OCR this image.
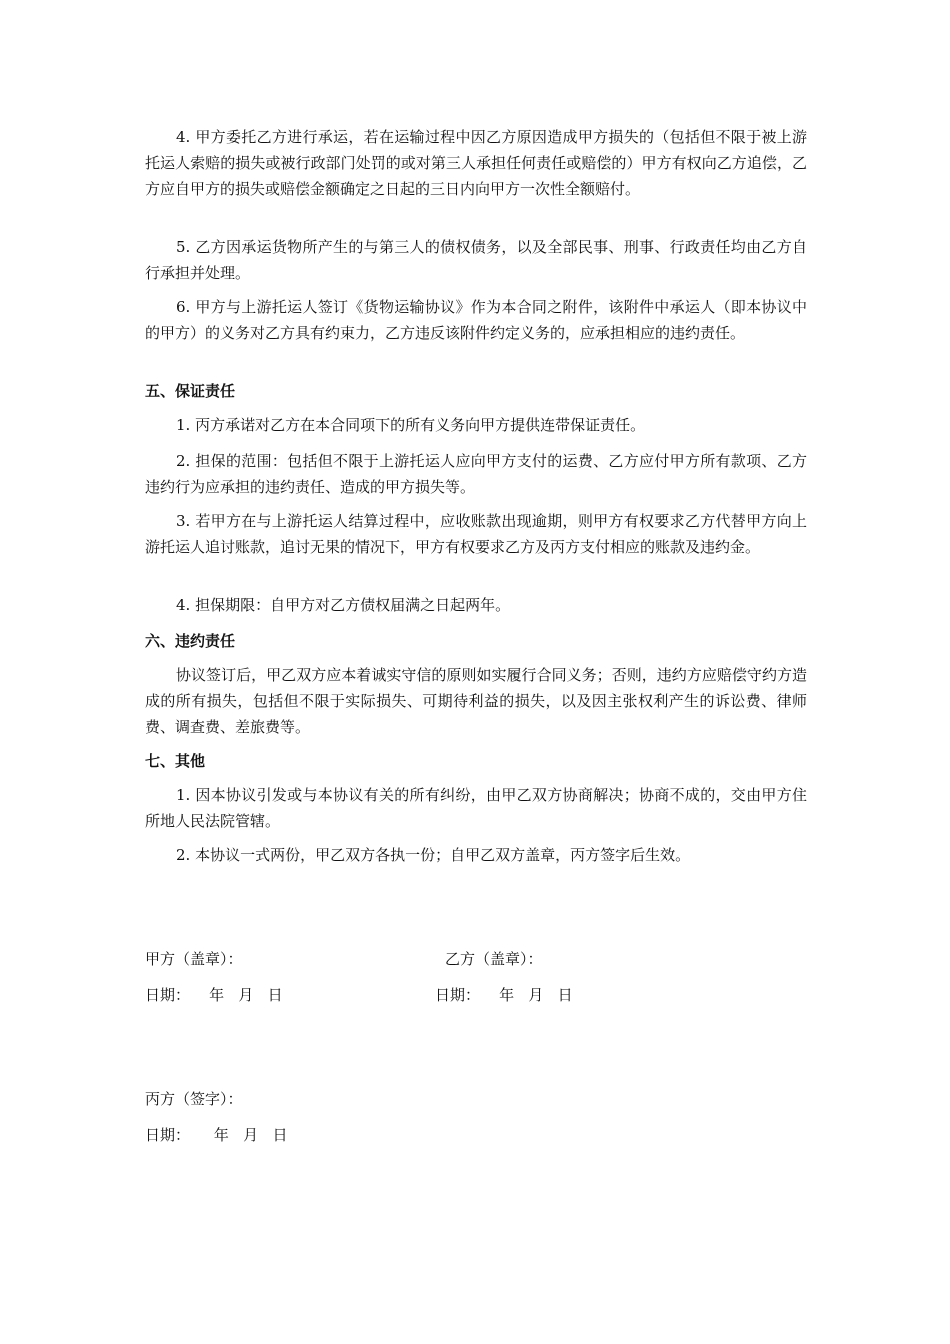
4. 甲方委托乙方进行承运，若在运输过程中因乙方原因造成甲方损失的（包括但不限于被上游托运人索赔的损失或被行政部门处罚的或对第三人承担任何责任或赔偿的）甲方有权向乙方追偿，乙方应自甲方的损失或赔偿金额确定之日起的三日内向甲方一次性全额赔付。

5. 乙方因承运货物所产生的与第三人的债权债务，以及全部民事、刑事、行政责任均由乙方自行承担并处理。

6. 甲方与上游托运人签订《货物运输协议》作为本合同之附件，该附件中承运人（即本协议中的甲方）的义务对乙方具有约束力，乙方违反该附件约定义务的，应承担相应的违约责任。

五、保证责任

1. 丙方承诺对乙方在本合同项下的所有义务向甲方提供连带保证责任。

2. 担保的范围：包括但不限于上游托运人应向甲方支付的运费、乙方应付甲方所有款项、乙方违约行为应承担的违约责任、造成的甲方损失等。

3. 若甲方在与上游托运人结算过程中，应收账款出现逾期，则甲方有权要求乙方代替甲方向上游托运人追讨账款，追讨无果的情况下，甲方有权要求乙方及丙方支付相应的账款及违约金。

4. 担保期限：自甲方对乙方债权届满之日起两年。

六、违约责任

协议签订后，甲乙双方应本着诚实守信的原则如实履行合同义务；否则，违约方应赔偿守约方造成的所有损失，包括但不限于实际损失、可期待利益的损失，以及因主张权利产生的诉讼费、律师费、调查费、差旅费等。

七、其他

1. 因本协议引发或与本协议有关的所有纠纷，由甲乙双方协商解决；协商不成的，交由甲方住所地人民法院管辖。

2. 本协议一式两份，甲乙双方各执一份；自甲乙双方盖章，丙方签字后生效。

甲方（盖章）：
日期：    年   月   日
乙方（盖章）：
日期：    年   月   日
丙方（签字）：
日期：     年   月   日
